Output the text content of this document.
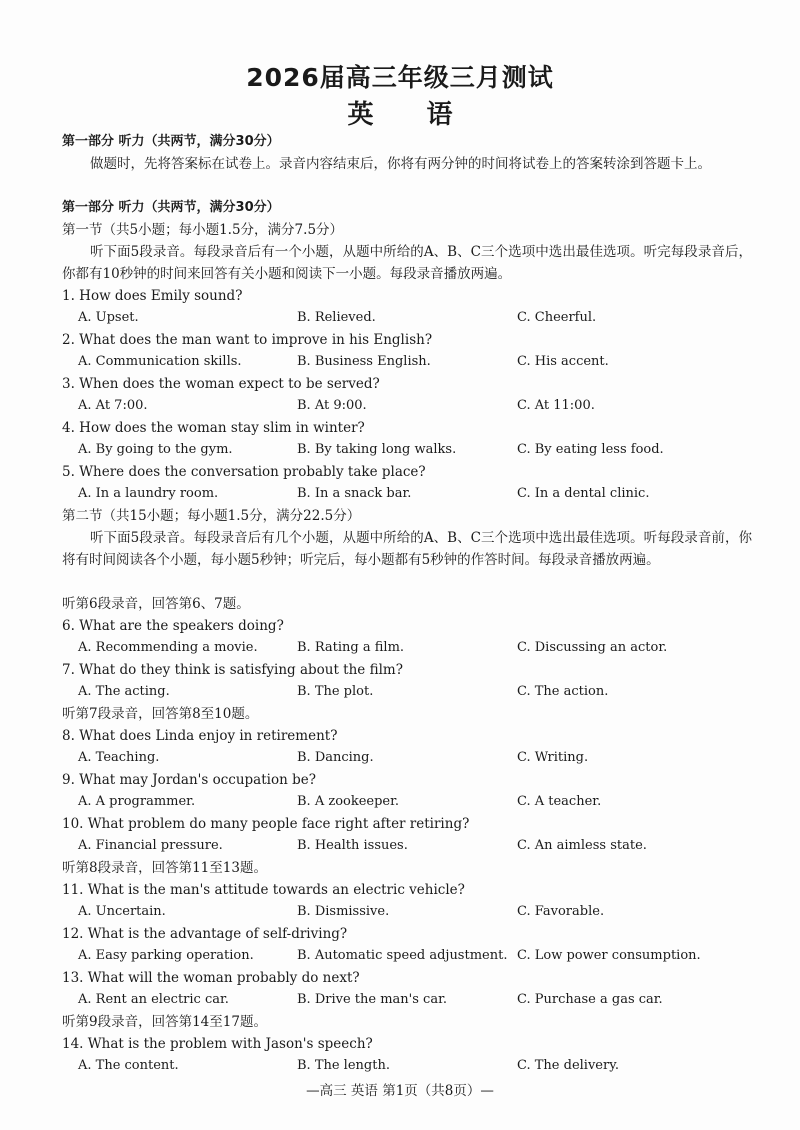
2026届高三年级三月测试
英 语
第一部分 听力（共两节，满分30分）
做题时，先将答案标在试卷上。录音内容结束后，你将有两分钟的时间将试卷上的答案转涂到答题卡上。
第一部分 听力（共两节，满分30分）
第一节（共5小题；每小题1.5分，满分7.5分）
听下面5段录音。每段录音后有一个小题，从题中所给的A、B、C三个选项中选出最佳选项。听完每段录音后，你都有10秒钟的时间来回答有关小题和阅读下一小题。每段录音播放两遍。
1. How does Emily sound?
A. Upset.	B. Relieved.	C. Cheerful.
2. What does the man want to improve in his English?
A. Communication skills.	B. Business English.	C. His accent.
3. When does the woman expect to be served?
A. At 7:00.	B. At 9:00.	C. At 11:00.
4. How does the woman stay slim in winter?
A. By going to the gym.	B. By taking long walks.	C. By eating less food.
5. Where does the conversation probably take place?
A. In a laundry room.	B. In a snack bar.	C. In a dental clinic.
第二节（共15小题；每小题1.5分，满分22.5分）
听下面5段录音。每段录音后有几个小题，从题中所给的A、B、C三个选项中选出最佳选项。听每段录音前，你将有时间阅读各个小题，每小题5秒钟；听完后，每小题都有5秒钟的作答时间。每段录音播放两遍。
听第6段录音，回答第6、7题。
6. What are the speakers doing?
A. Recommending a movie.	B. Rating a film.	C. Discussing an actor.
7. What do they think is satisfying about the film?
A. The acting.	B. The plot.	C. The action.
听第7段录音，回答第8至10题。
8. What does Linda enjoy in retirement?
A. Teaching.	B. Dancing.	C. Writing.
9. What may Jordan's occupation be?
A. A programmer.	B. A zookeeper.	C. A teacher.
10. What problem do many people face right after retiring?
A. Financial pressure.	B. Health issues.	C. An aimless state.
听第8段录音，回答第11至13题。
11. What is the man's attitude towards an electric vehicle?
A. Uncertain.	B. Dismissive.	C. Favorable.
12. What is the advantage of self-driving?
A. Easy parking operation.	B. Automatic speed adjustment. C. Low power consumption.
13. What will the woman probably do next?
A. Rent an electric car.	B. Drive the man's car.	C. Purchase a gas car.
听第9段录音，回答第14至17题。
14. What is the problem with Jason's speech?
A. The content.	B. The length.	C. The delivery.
—高三 英语 第1页（共8页）—
